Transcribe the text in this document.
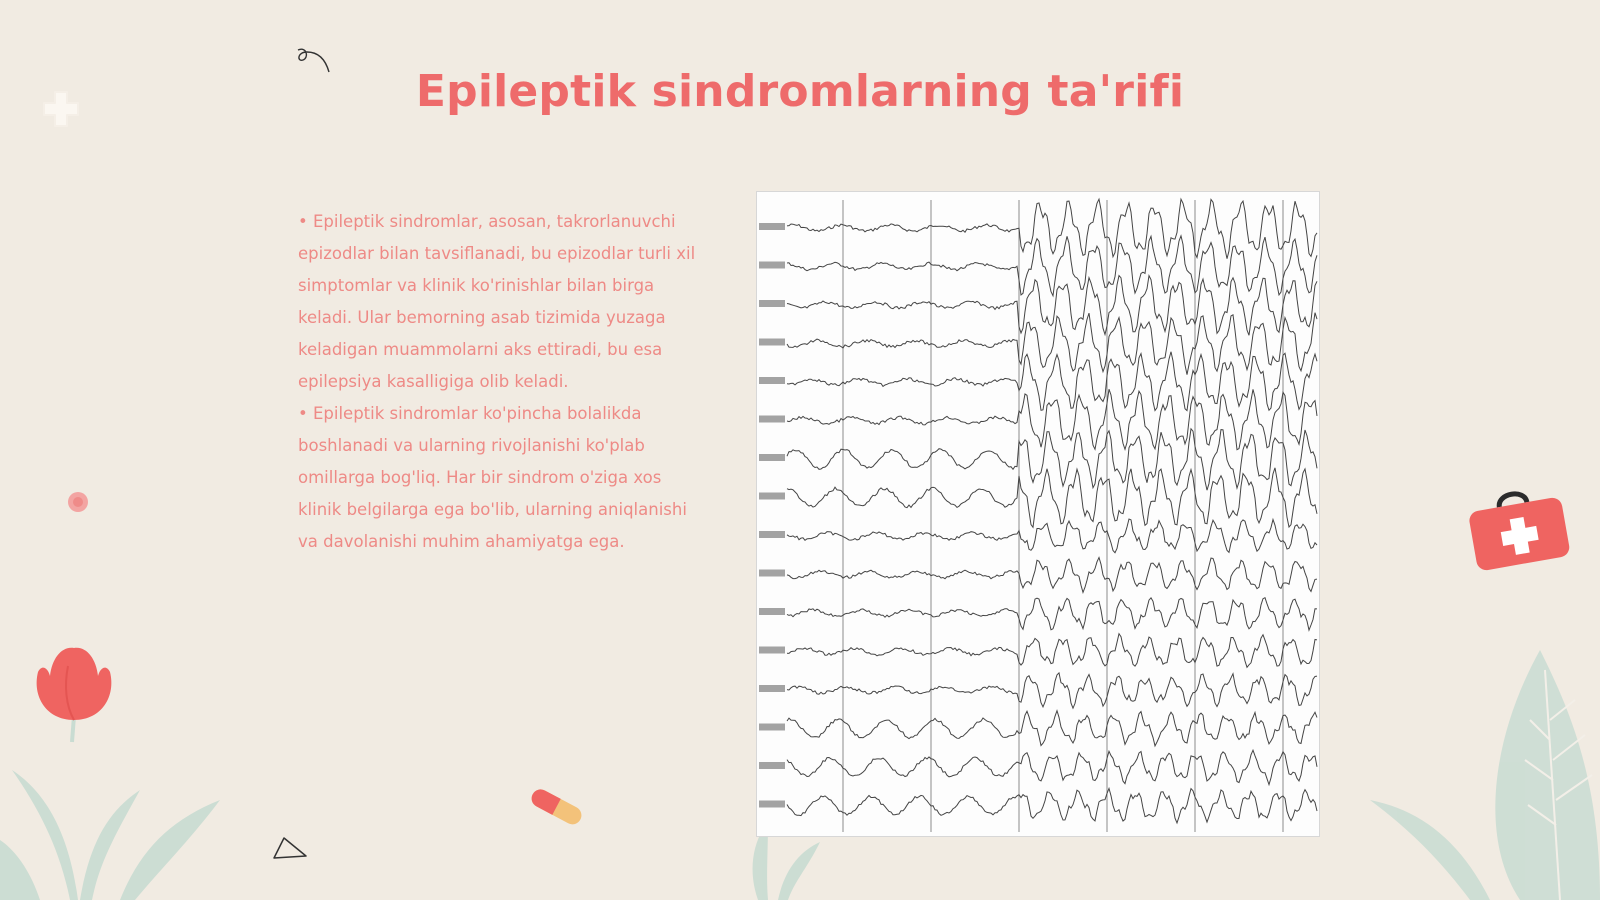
Epileptik sindromlarning ta'rifi

• Epileptik sindromlar, asosan, takrorlanuvchi epizodlar bilan tavsiflanadi, bu epizodlar turli xil simptomlar va klinik ko'rinishlar bilan birga keladi. Ular bemorning asab tizimida yuzaga keladigan muammolarni aks ettiradi, bu esa epilepsiya kasalligiga olib keladi.

• Epileptik sindromlar ko'pincha bolalikda boshlanadi va ularning rivojlanishi ko'plab omillarga bog'liq. Har bir sindrom o'ziga xos klinik belgilarga ega bo'lib, ularning aniqlanishi va davolanishi muhim ahamiyatga ega.
